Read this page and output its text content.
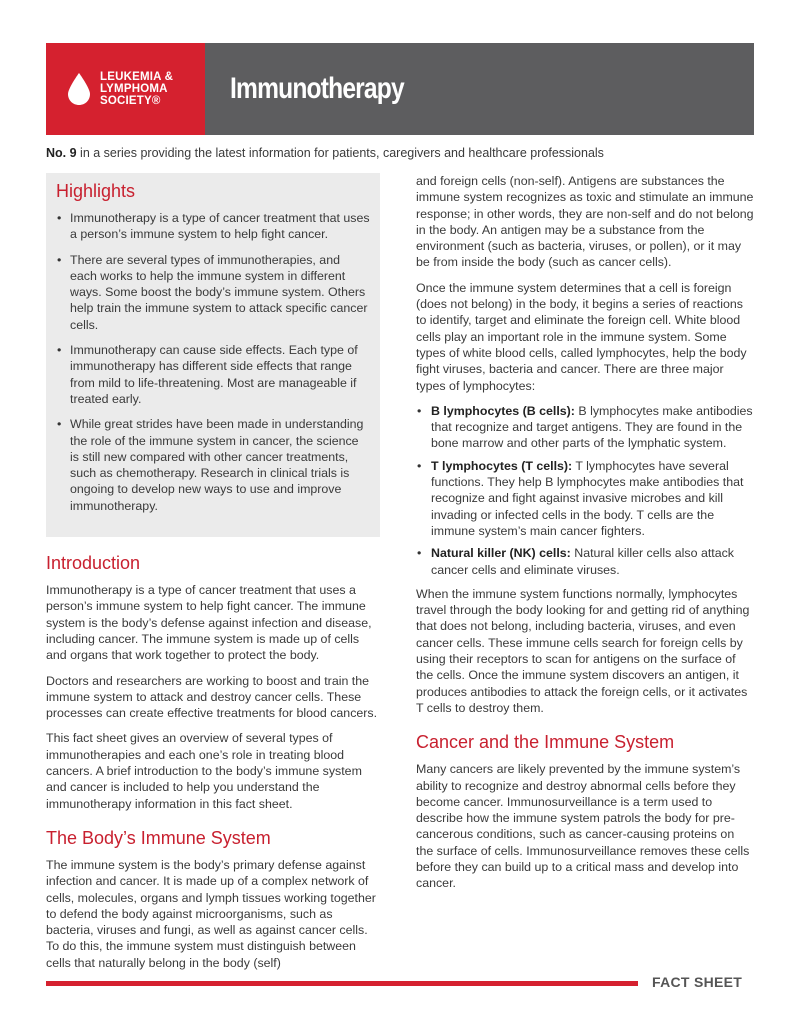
LEUKEMIA &
LYMPHOMA
SOCIETY®	Immunotherapy
No. 9 in a series providing the latest information for patients, caregivers and healthcare professionals
Highlights
• Immunotherapy is a type of cancer treatment that uses a person’s immune system to help fight cancer.
• There are several types of immunotherapies, and each works to help the immune system in different ways. Some boost the body’s immune system. Others help train the immune system to attack specific cancer cells.
• Immunotherapy can cause side effects. Each type of immunotherapy has different side effects that range from mild to life-threatening. Most are manageable if treated early.
• While great strides have been made in understanding the role of the immune system in cancer, the science is still new compared with other cancer treatments, such as chemotherapy. Research in clinical trials is ongoing to develop new ways to use and improve immunotherapy.
Introduction

Immunotherapy is a type of cancer treatment that uses a person’s immune system to help fight cancer. The immune system is the body’s defense against infection and disease, including cancer. The immune system is made up of cells and organs that work together to protect the body.

Doctors and researchers are working to boost and train the immune system to attack and destroy cancer cells. These processes can create effective treatments for blood cancers.

This fact sheet gives an overview of several types of immunotherapies and each one’s role in treating blood cancers. A brief introduction to the body’s immune system and cancer is included to help you understand the immunotherapy information in this fact sheet.

The Body’s Immune System

The immune system is the body’s primary defense against infection and cancer. It is made up of a complex network of cells, molecules, organs and lymph tissues working together to defend the body against microorganisms, such as bacteria, viruses and fungi, as well as against cancer cells. To do this, the immune system must distinguish between cells that naturally belong in the body (self)

and foreign cells (non-self). Antigens are substances the immune system recognizes as toxic and stimulate an immune response; in other words, they are non-self and do not belong in the body. An antigen may be a substance from the environment (such as bacteria, viruses, or pollen), or it may be from inside the body (such as cancer cells).

Once the immune system determines that a cell is foreign (does not belong) in the body, it begins a series of reactions to identify, target and eliminate the foreign cell. White blood cells play an important role in the immune system. Some types of white blood cells, called lymphocytes, help the body fight viruses, bacteria and cancer. There are three major types of lymphocytes:

• B lymphocytes (B cells): B lymphocytes make antibodies that recognize and target antigens. They are found in the bone marrow and other parts of the lymphatic system.
• T lymphocytes (T cells): T lymphocytes have several functions. They help B lymphocytes make antibodies that recognize and fight against invasive microbes and kill invading or infected cells in the body. T cells are the immune system’s main cancer fighters.
• Natural killer (NK) cells: Natural killer cells also attack cancer cells and eliminate viruses.

When the immune system functions normally, lymphocytes travel through the body looking for and getting rid of anything that does not belong, including bacteria, viruses, and even cancer cells. These immune cells search for foreign cells by using their receptors to scan for antigens on the surface of the cells. Once the immune system discovers an antigen, it produces antibodies to attack the foreign cells, or it activates T cells to destroy them.

Cancer and the Immune System

Many cancers are likely prevented by the immune system’s ability to recognize and destroy abnormal cells before they become cancer. Immunosurveillance is a term used to describe how the immune system patrols the body for pre-cancerous conditions, such as cancer-causing proteins on the surface of cells. Immunosurveillance removes these cells before they can build up to a critical mass and develop into cancer.

FACT SHEET
